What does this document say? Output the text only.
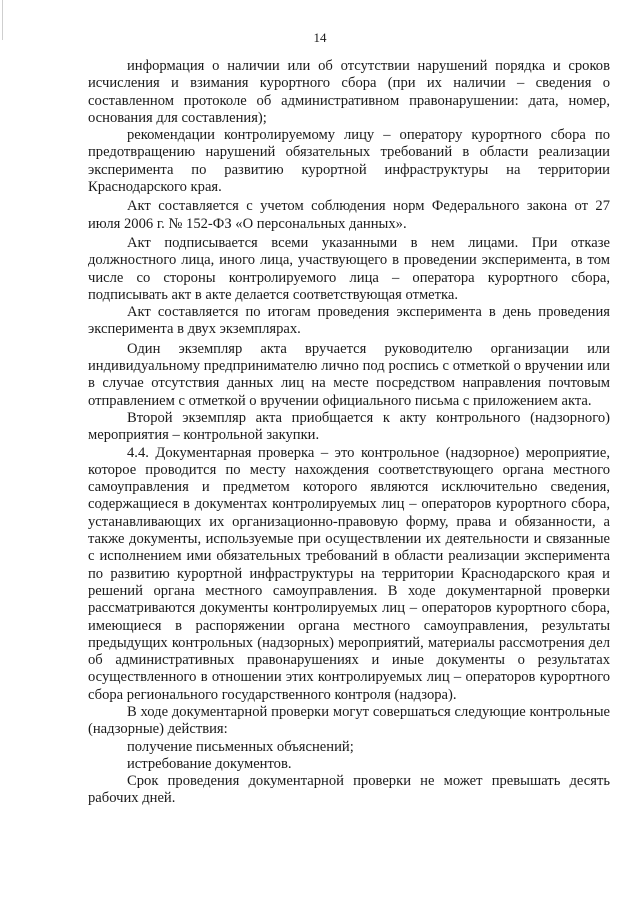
14

информация о наличии или об отсутствии нарушений порядка и сроков исчисления и взимания курортного сбора (при их наличии – сведения о составленном протоколе об административном правонарушении: дата, номер, основания для составления);

рекомендации контролируемому лицу – оператору курортного сбора по предотвращению нарушений обязательных требований в области реализации эксперимента по развитию курортной инфраструктуры на территории Краснодарского края.

Акт составляется с учетом соблюдения норм Федерального закона от 27 июля 2006 г. № 152-ФЗ «О персональных данных».

Акт подписывается всеми указанными в нем лицами. При отказе должностного лица, иного лица, участвующего в проведении эксперимента, в том числе со стороны контролируемого лица – оператора курортного сбора, подписывать акт в акте делается соответствующая отметка.

Акт составляется по итогам проведения эксперимента в день проведения эксперимента в двух экземплярах.

Один экземпляр акта вручается руководителю организации или индивидуальному предпринимателю лично под роспись с отметкой о вручении или в случае отсутствия данных лиц на месте посредством направления почтовым отправлением с отметкой о вручении официального письма с приложением акта.

Второй экземпляр акта приобщается к акту контрольного (надзорного) мероприятия – контрольной закупки.

4.4. Документарная проверка – это контрольное (надзорное) мероприятие, которое проводится по месту нахождения соответствующего органа местного самоуправления и предметом которого являются исключительно сведения, содержащиеся в документах контролируемых лиц – операторов курортного сбора, устанавливающих их организационно-правовую форму, права и обязанности, а также документы, используемые при осуществлении их деятельности и связанные с исполнением ими обязательных требований в области реализации эксперимента по развитию курортной инфраструктуры на территории Краснодарского края и решений органа местного самоуправления. В ходе документарной проверки рассматриваются документы контролируемых лиц – операторов курортного сбора, имеющиеся в распоряжении органа местного самоуправления, результаты предыдущих контрольных (надзорных) мероприятий, материалы рассмотрения дел об административных правонарушениях и иные документы о результатах осуществленного в отношении этих контролируемых лиц – операторов курортного сбора регионального государственного контроля (надзора).

В ходе документарной проверки могут совершаться следующие контрольные (надзорные) действия:

получение письменных объяснений;

истребование документов.

Срок проведения документарной проверки не может превышать десять рабочих дней.
